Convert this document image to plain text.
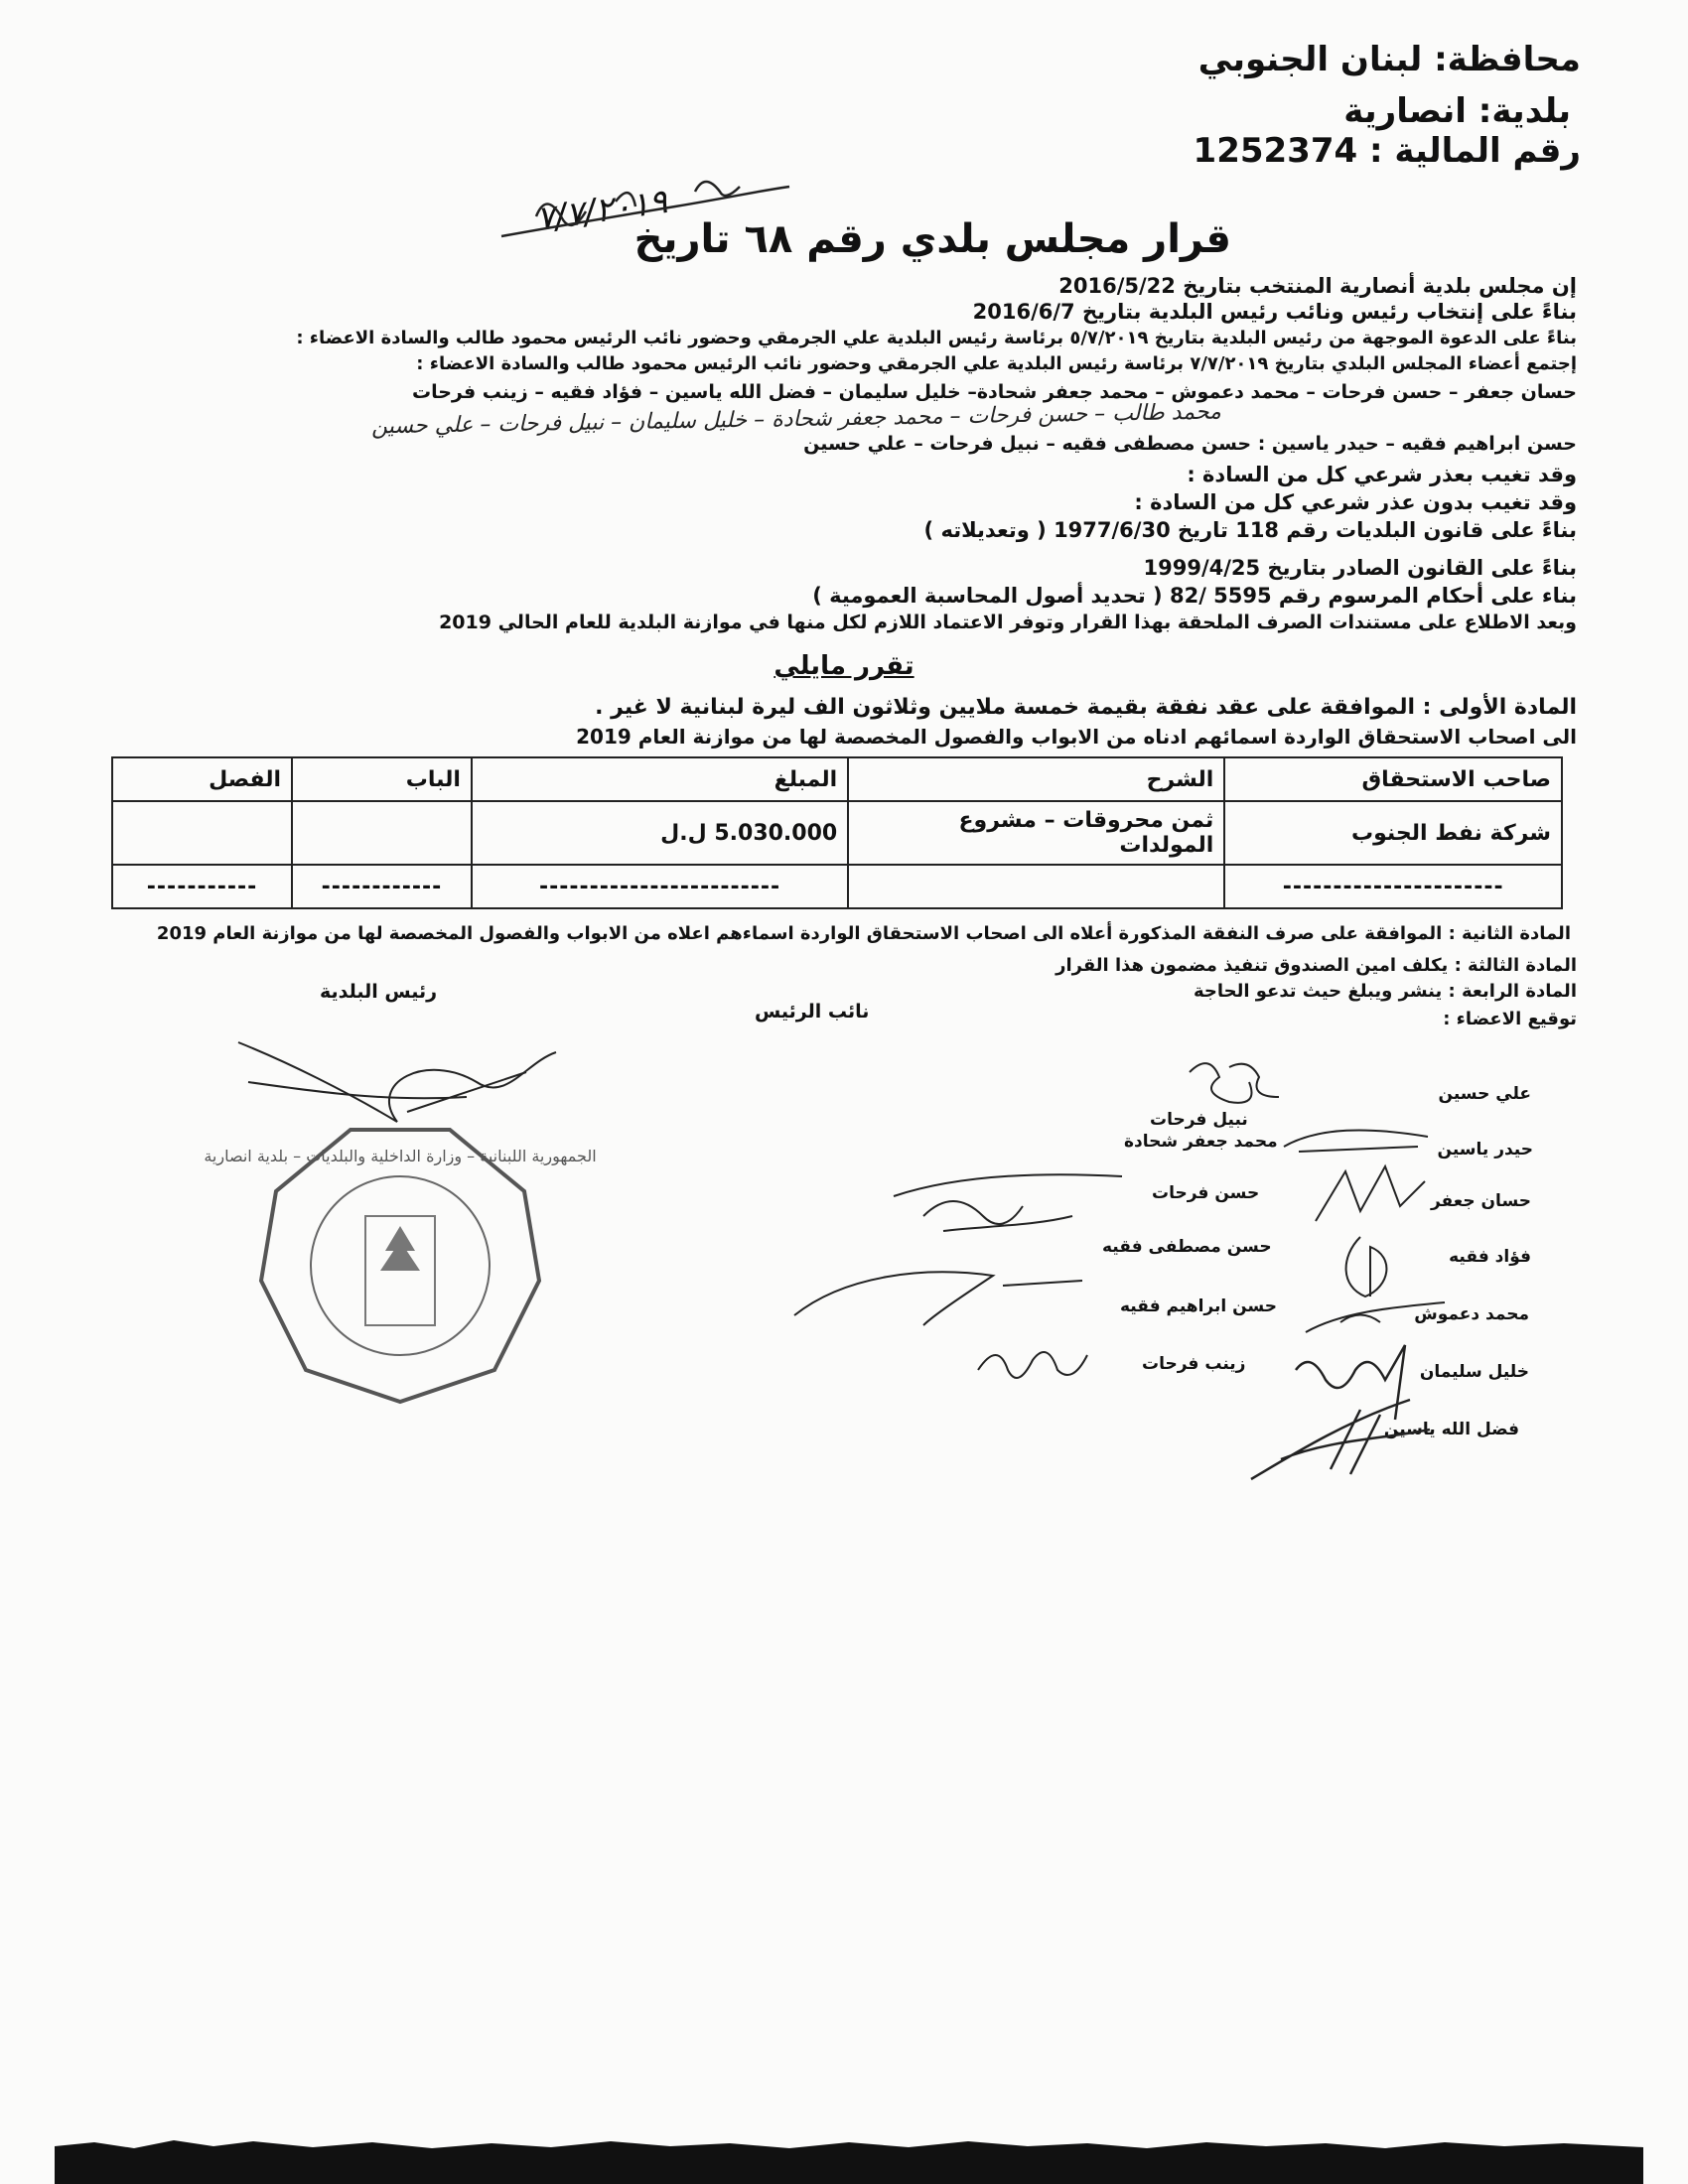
محافظة: لبنان الجنوبي
بلدية: انصارية
رقم المالية : 1252374
قرار مجلس بلدي رقم ٦٨ تاريخ
٧/٧/٢٠١٩
إن مجلس بلدية أنصارية المنتخب بتاريخ 2016/5/22
بناءً على إنتخاب رئيس ونائب رئيس البلدية بتاريخ 2016/6/7
بناءً على الدعوة الموجهة من رئيس البلدية بتاريخ ٥/٧/٢٠١٩ برئاسة رئيس البلدية علي الجرمقي وحضور نائب الرئيس محمود طالب والسادة الاعضاء :
إجتمع أعضاء المجلس البلدي بتاريخ ٧/٧/٢٠١٩ برئاسة رئيس البلدية علي الجرمقي وحضور نائب الرئيس محمود طالب والسادة الاعضاء :
حسان جعفر – حسن فرحات – محمد دعموش – محمد جعفر شحادة– خليل سليمان – فضل الله ياسين – فؤاد فقيه – زينب فرحات
حسن ابراهيم فقيه – حيدر ياسين : حسن مصطفى فقيه – نبيل فرحات – علي حسين
محمد طالب – حسن فرحات – محمد جعفر شحادة – خليل سليمان – نبيل فرحات – علي حسين
وقد تغيب بعذر شرعي كل من السادة :
وقد تغيب بدون عذر شرعي كل من السادة :
بناءً على قانون البلديات رقم 118 تاريخ 1977/6/30 ( وتعديلاته )
بناءً على القانون الصادر بتاريخ 1999/4/25
بناء على أحكام المرسوم رقم 5595 /82 ( تحديد أصول المحاسبة العمومية )
وبعد الاطلاع على مستندات الصرف الملحقة بهذا القرار وتوفر الاعتماد اللازم لكل منها في موازنة البلدية للعام الحالي 2019
تقرر مايلي
المادة الأولى : الموافقة على عقد نفقة بقيمة خمسة ملايين وثلاثون الف ليرة لبنانية لا غير .
الى اصحاب الاستحقاق الواردة اسمائهم ادناه من الابواب والفصول المخصصة لها من موازنة العام 2019
صاحب الاستحقاق	الشرح	المبلغ	الباب	الفصل
شركة نفط الجنوب	ثمن محروقات – مشروع المولدات	5.030.000 ل.ل		
----------------------		------------------------	------------	-----------
المادة الثانية : الموافقة على صرف النفقة المذكورة أعلاه الى اصحاب الاستحقاق الواردة اسماءهم اعلاه من الابواب والفصول المخصصة لها من موازنة العام 2019
المادة الثالثة : يكلف امين الصندوق تنفيذ مضمون هذا القرار
المادة الرابعة : ينشر ويبلغ حيث تدعو الحاجة
رئيس البلدية
نائب الرئيس	توقيع الاعضاء :
نبيل فرحات
محمد جعفر شحادة
حسن فرحات
حسن مصطفى فقيه
حسن ابراهيم فقيه
زينب فرحات
علي حسين
حيدر ياسين
حسان جعفر
فؤاد فقيه
محمد دعموش
خليل سليمان
فضل الله ياسين
الجمهورية اللبنانية – وزارة الداخلية والبلديات – بلدية انصارية
